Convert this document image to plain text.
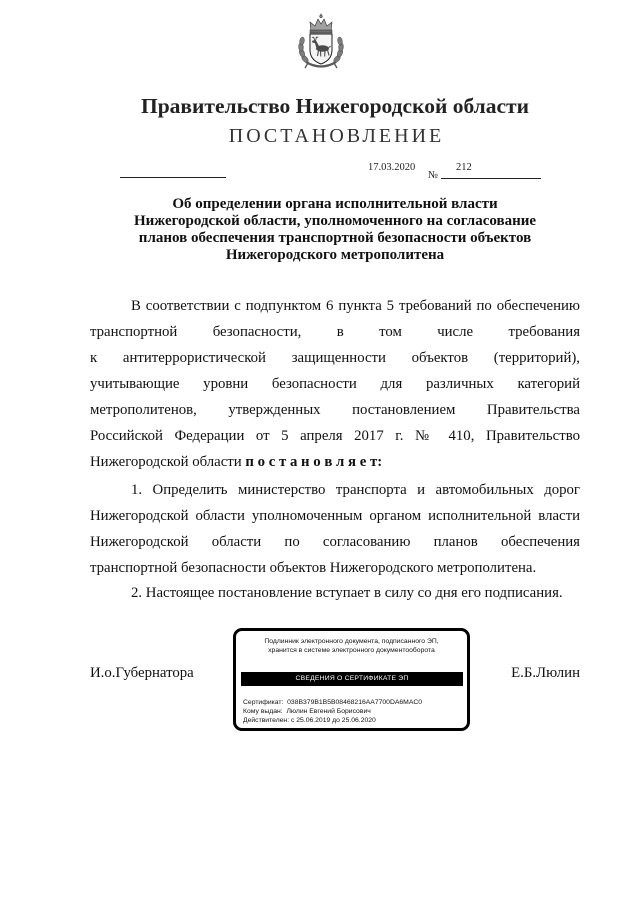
Правительство Нижегородской области
ПОСТАНОВЛЕНИЕ
17.03.2020
№
212
Об определении органа исполнительной власти
Нижегородской области, уполномоченного на согласование
планов обеспечения транспортной безопасности объектов
Нижегородского метрополитена
В соответствии с подпунктом 6 пункта 5 требований по обеспечению
транспортной безопасности, в том числе требования
к антитеррористической защищенности объектов (территорий),
учитывающие уровни безопасности для различных категорий
метрополитенов, утвержденных постановлением Правительства
Российской Федерации от 5 апреля 2017 г. № 410, Правительство
Нижегородской области п о с т а н о в л я е т:
1. Определить министерство транспорта и автомобильных дорог
Нижегородской области уполномоченным органом исполнительной власти
Нижегородской области по согласованию планов обеспечения
транспортной безопасности объектов Нижегородского метрополитена.
2. Настоящее постановление вступает в силу со дня его подписания.
И.о.Губернатора	Е.Б.Люлин
Подлинник электронного документа, подписанного ЭП,
хранится в системе электронного документооборота
СВЕДЕНИЯ О СЕРТИФИКАТЕ ЭП
Сертификат: 038B379B1B5B08468216AA7700DA6MAC0
Кому выдан: Люлин Евгений Борисович
Действителен: с 25.06.2019 до 25.06.2020
